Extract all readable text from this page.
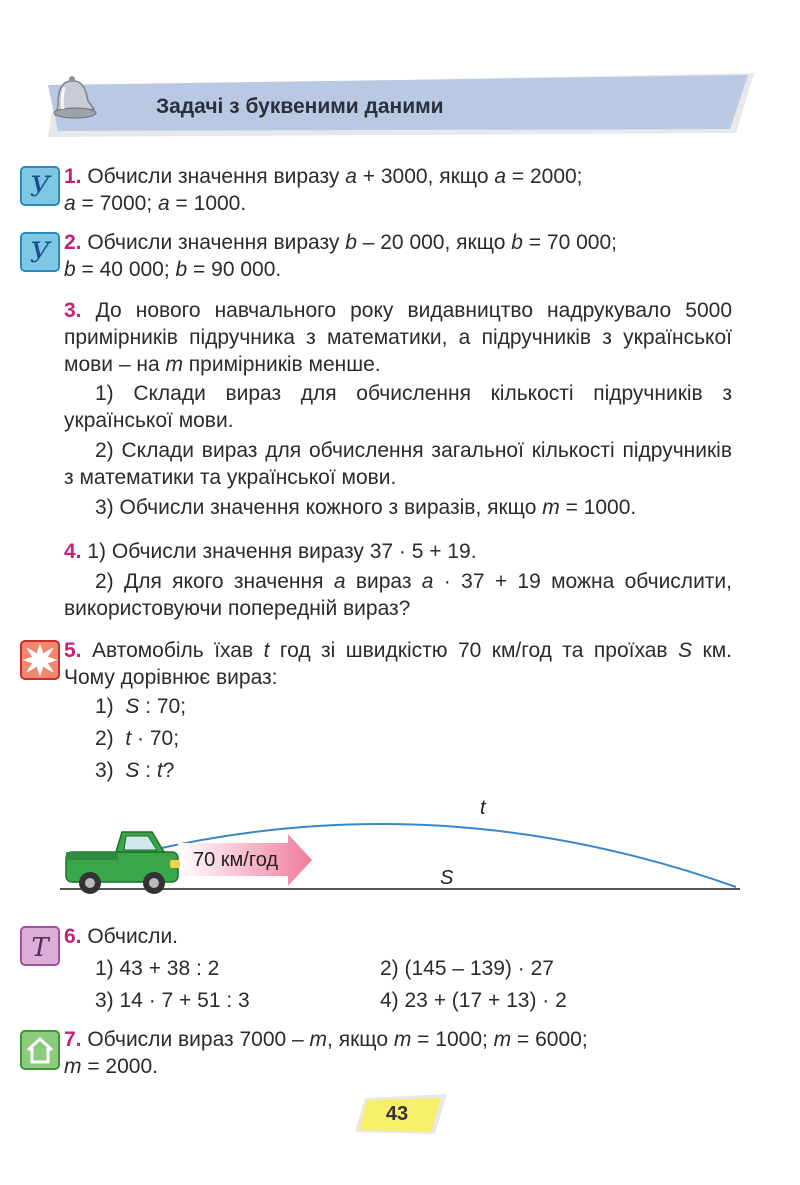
Задачі з буквеними даними
У 1. Обчисли значення виразу a + 3000, якщо a = 2000;
a = 7000; a = 1000.
У 2. Обчисли значення виразу b – 20 000, якщо b = 70 000;
b = 40 000; b = 90 000.
3. До нового навчального року видавництво надрукувало 5000 примірників підручника з математики, а підручників з української мови – на m примірників менше.
1) Склади вираз для обчислення кількості підручників з української мови.
2) Склади вираз для обчислення загальної кількості підручників з математики та української мови.
3) Обчисли значення кожного з виразів, якщо m = 1000.
4. 1) Обчисли значення виразу 37 · 5 + 19.
2) Для якого значення a вираз a · 37 + 19 можна обчислити, використовуючи попередній вираз?
5. Автомобіль їхав t год зі швидкістю 70 км/год та проїхав S км. Чому дорівнює вираз:
1) S : 70;
2) t · 70;
3) S : t?
t
S
70 км/год
Т 6. Обчисли.
1) 43 + 38 : 2	2) (145 – 139) · 27
3) 14 · 7 + 51 : 3	4) 23 + (17 + 13) · 2
7. Обчисли вираз 7000 – m, якщо m = 1000; m = 6000;
m = 2000.
43
